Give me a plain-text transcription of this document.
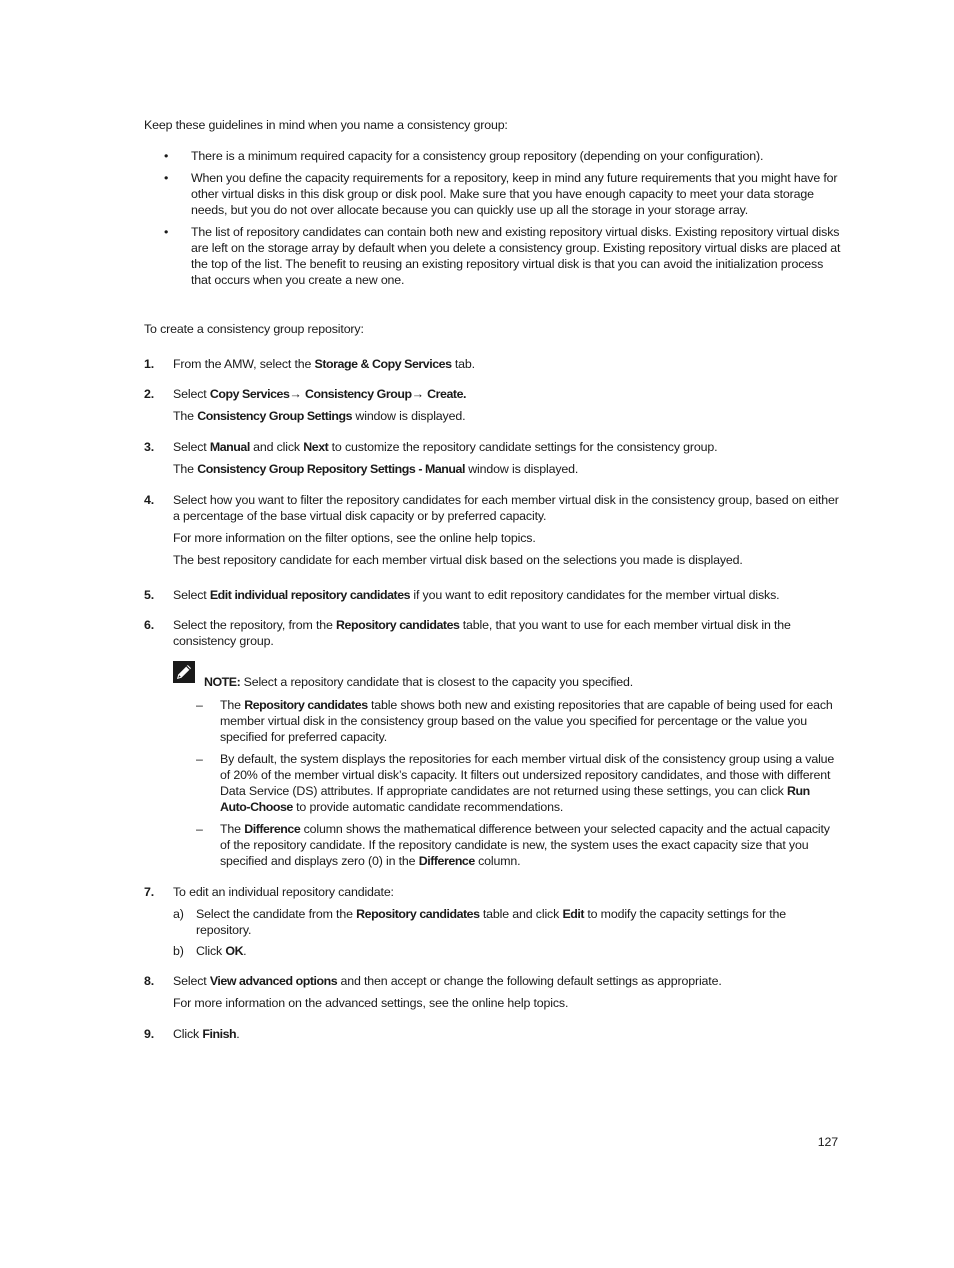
Keep these guidelines in mind when you name a consistency group:

• There is a minimum required capacity for a consistency group repository (depending on your configuration).
• When you define the capacity requirements for a repository, keep in mind any future requirements that you might have for other virtual disks in this disk group or disk pool. Make sure that you have enough capacity to meet your data storage needs, but you do not over allocate because you can quickly use up all the storage in your storage array.
• The list of repository candidates can contain both new and existing repository virtual disks. Existing repository virtual disks are left on the storage array by default when you delete a consistency group. Existing repository virtual disks are placed at the top of the list. The benefit to reusing an existing repository virtual disk is that you can avoid the initialization process that occurs when you create a new one.

To create a consistency group repository:

1. From the AMW, select the Storage & Copy Services tab.

2. Select Copy Services→ Consistency Group→ Create.

The Consistency Group Settings window is displayed.

3. Select Manual and click Next to customize the repository candidate settings for the consistency group.

The Consistency Group Repository Settings - Manual window is displayed.

4. Select how you want to filter the repository candidates for each member virtual disk in the consistency group, based on either a percentage of the base virtual disk capacity or by preferred capacity.

For more information on the filter options, see the online help topics.

The best repository candidate for each member virtual disk based on the selections you made is displayed.

5. Select Edit individual repository candidates if you want to edit repository candidates for the member virtual disks.

6. Select the repository, from the Repository candidates table, that you want to use for each member virtual disk in the consistency group.

NOTE: Select a repository candidate that is closest to the capacity you specified.

– The Repository candidates table shows both new and existing repositories that are capable of being used for each member virtual disk in the consistency group based on the value you specified for percentage or the value you specified for preferred capacity.
– By default, the system displays the repositories for each member virtual disk of the consistency group using a value of 20% of the member virtual disk’s capacity. It filters out undersized repository candidates, and those with different Data Service (DS) attributes. If appropriate candidates are not returned using these settings, you can click Run Auto-Choose to provide automatic candidate recommendations.
– The Difference column shows the mathematical difference between your selected capacity and the actual capacity of the repository candidate. If the repository candidate is new, the system uses the exact capacity size that you specified and displays zero (0) in the Difference column.
7. To edit an individual repository candidate:

a) Select the candidate from the Repository candidates table and click Edit to modify the capacity settings for the repository.

b) Click OK.

8. Select View advanced options and then accept or change the following default settings as appropriate.

For more information on the advanced settings, see the online help topics.

9. Click Finish.

127
